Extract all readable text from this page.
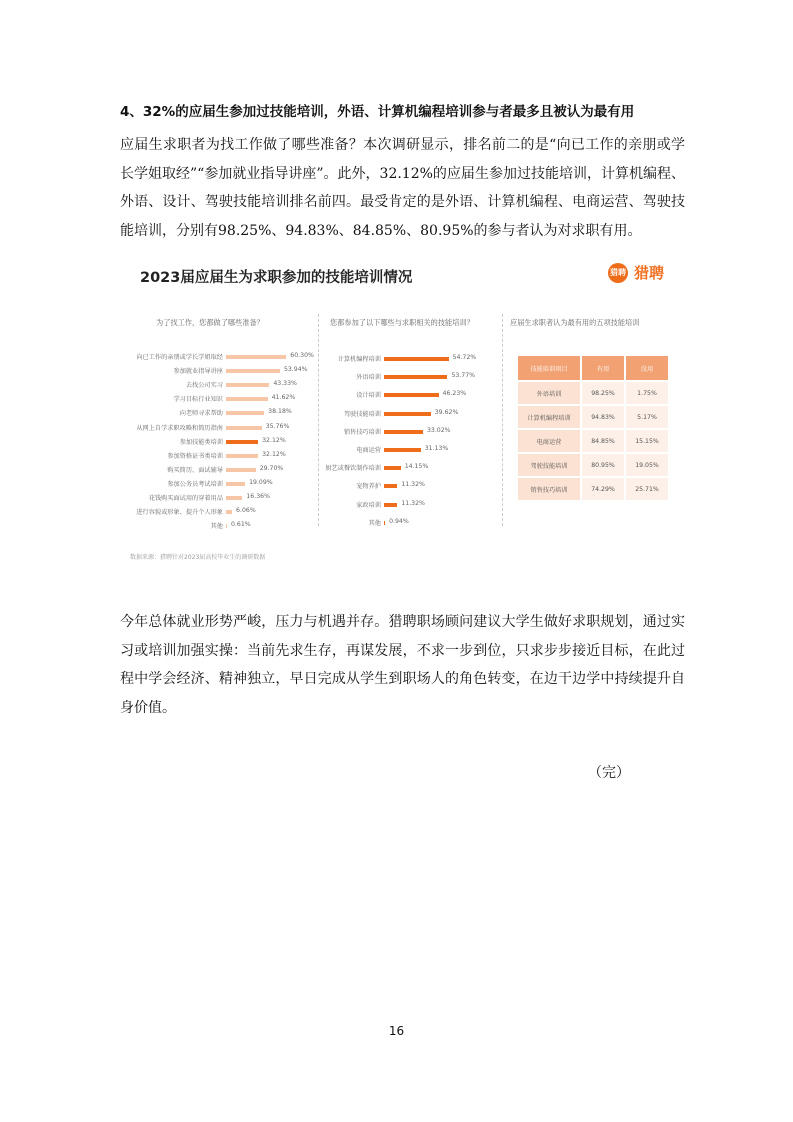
4、32%的应届生参加过技能培训，外语、计算机编程培训参与者最多且被认为最有用
应届生求职者为找工作做了哪些准备？本次调研显示，排名前二的是“向已工作的亲朋或学长学姐取经”“参加就业指导讲座”。此外，32.12%的应届生参加过技能培训，计算机编程、外语、设计、驾驶技能培训排名前四。最受肯定的是外语、计算机编程、电商运营、驾驶技能培训，分别有98.25%、94.83%、84.85%、80.95%的参与者认为对求职有用。
2023届应届生为求职参加的技能培训情况	猎聘 猎聘
为了找工作，您都做了哪些准备？	您都参加了以下哪些与求职相关的技能培训？	应届生求职者认为最有用的五项技能培训
技能培训项目	有用	没用
外语培训	98.25%	1.75%
计算机编程培训	94.83%	5.17%
电商运营	84.85%	15.15%
驾驶技能培训	80.95%	19.05%
销售技巧培训	74.29%	25.71%
数据来源：猎聘针对2023届高校毕业生的调研数据
向已工作的亲朋或学长学姐取经	60.30%
参加就业指导讲座	53.94%
去找公司实习	43.33%
学习目标行业知识	41.62%
向老师寻求帮助	38.18%
从网上自学求职攻略和简历指南	35.76%
参加技能类培训	32.12%
参加资格证书类培训	32.12%
购买简历、面试辅导	29.70%
参加公务员考试培训	19.09%
花钱购买面试用的穿着用品	16.36%
进行容貌或形象、提升个人形象 6.06%
其他 0.61%
计算机编程培训	54.72%
外语培训	53.77%
设计培训	46.23%
驾驶技能培训	39.62%
销售技巧培训	33.02%
电商运营	31.13%
厨艺或餐饮制作培训	14.15%
宠物养护	11.32%
家政培训	11.32%
其他 0.94%
今年总体就业形势严峻，压力与机遇并存。猎聘职场顾问建议大学生做好求职规划，通过实习或培训加强实操：当前先求生存，再谋发展，不求一步到位，只求步步接近目标，在此过程中学会经济、精神独立，早日完成从学生到职场人的角色转变，在边干边学中持续提升自身价值。
（完）
16
